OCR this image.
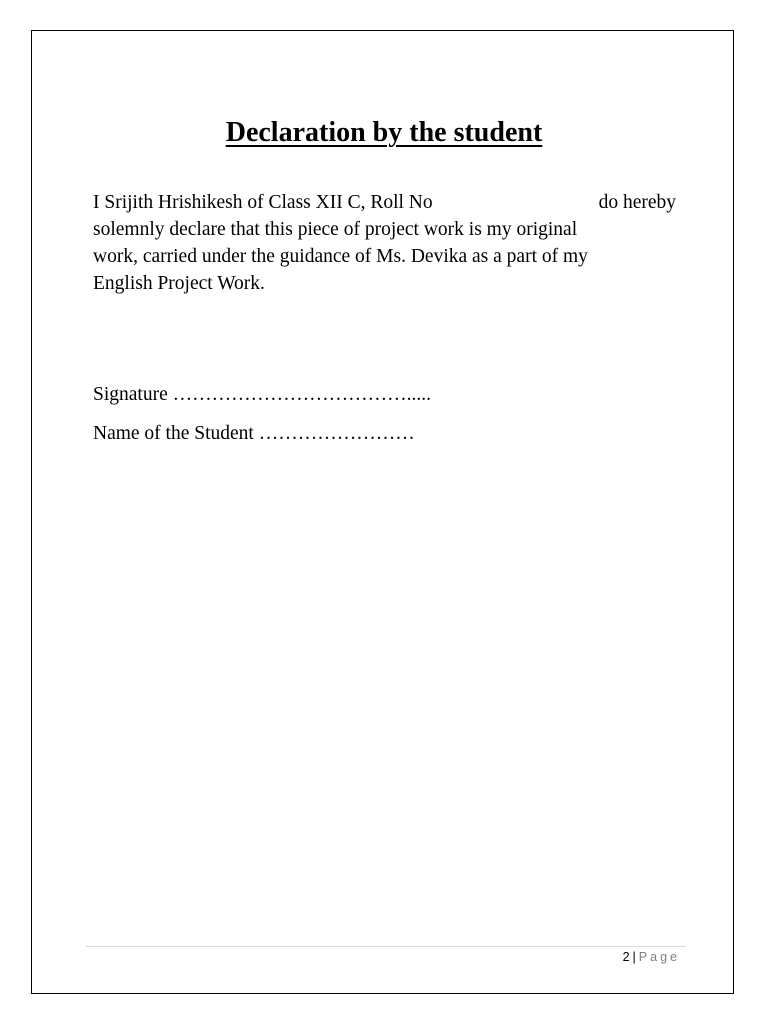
Declaration by the student
I Srijith Hrishikesh of Class XII C, Roll No	do hereby
solemnly declare that this piece of project work is my original
work, carried under the guidance of Ms. Devika as a part of my
English Project Work.
Signature ……………………………….....
Name of the Student ……………………
2 | Page
